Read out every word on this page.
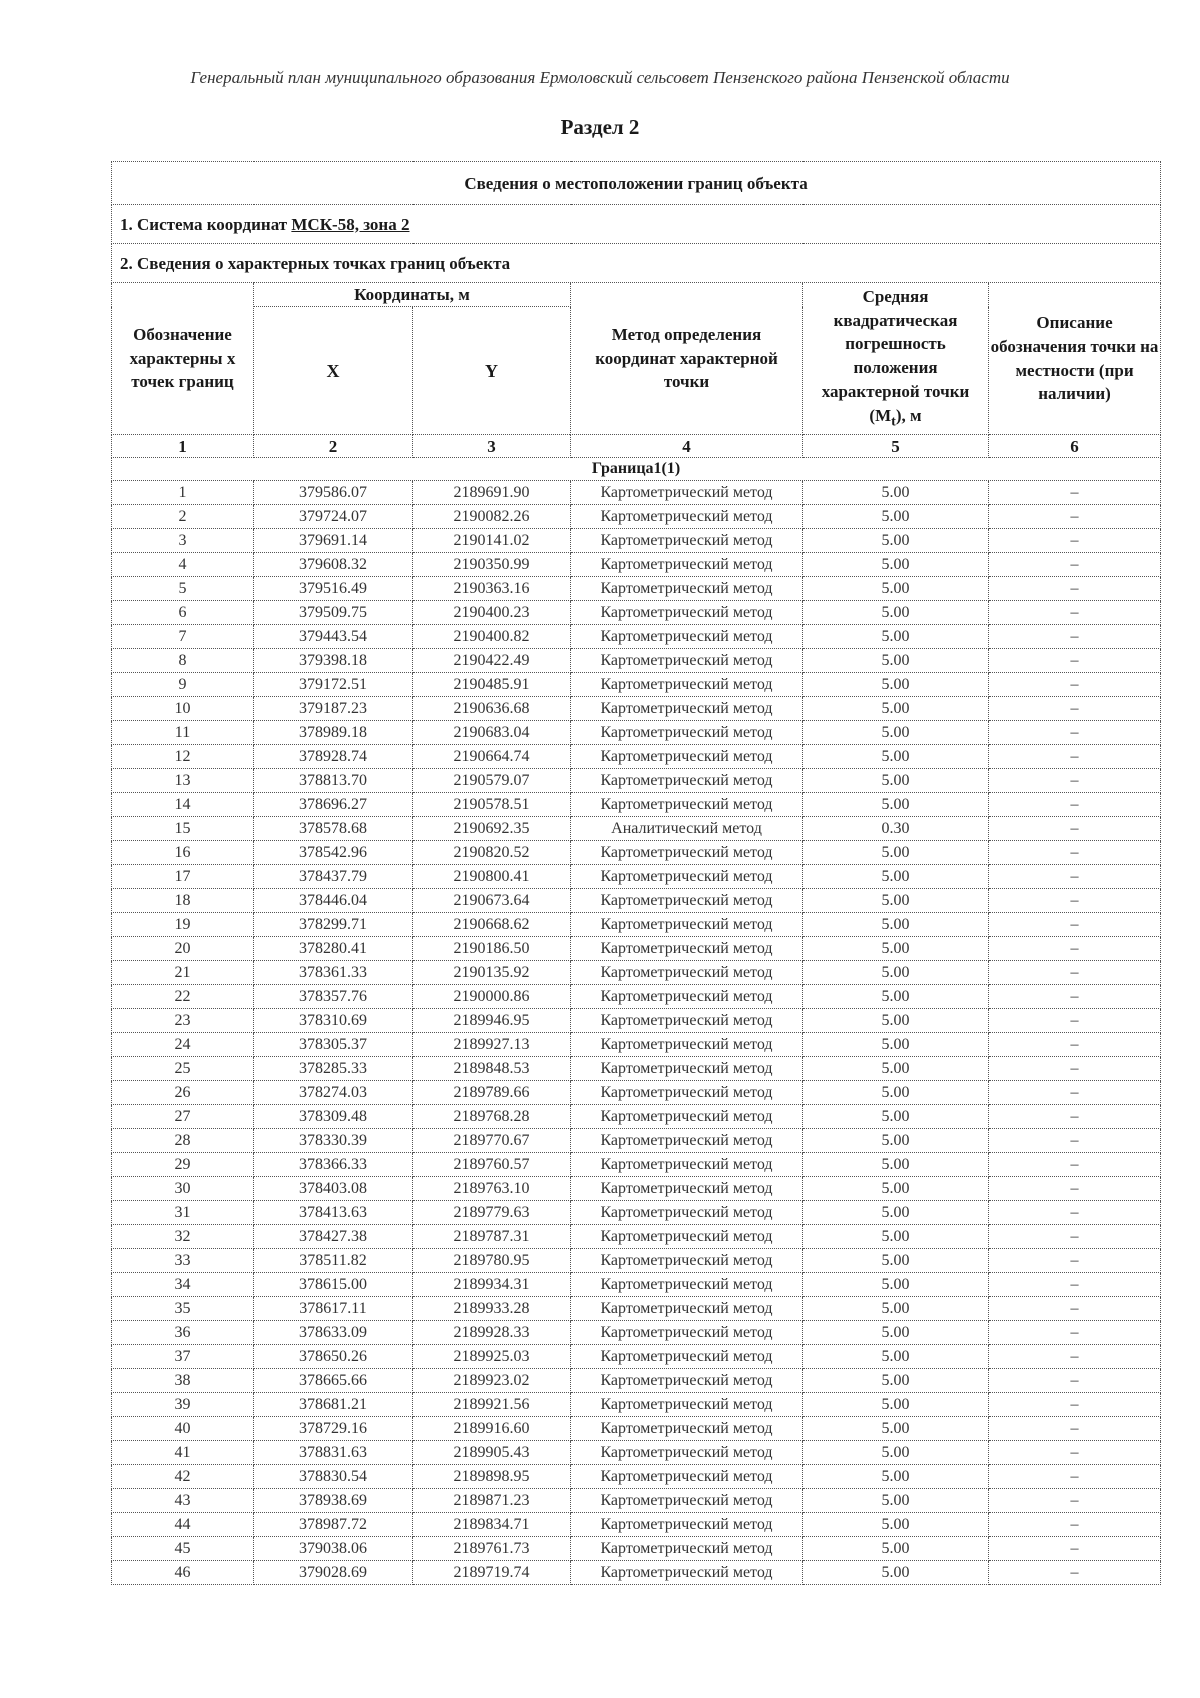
Генеральный план муниципального образования Ермоловский сельсовет Пензенского района Пензенской области
Раздел 2
Сведения о местоположении границ объекта					
1. Система координат МСК-58, зона 2					
2. Сведения о характерных точках границ объекта					
Обозначение характерны х точек границ	Координаты, м		Метод определения координат характерной точки	Средняя квадратическая погрешность положения характерной точки $(М_t)$, м	Описание обозначения точки на местности (при наличии)
	X	Y			
1	2	3	4	5	6
Граница1(1)					
1	379586.07	2189691.90	Картометрический метод	5.00	–
2	379724.07	2190082.26	Картометрический метод	5.00	–
3	379691.14	2190141.02	Картометрический метод	5.00	–
4	379608.32	2190350.99	Картометрический метод	5.00	–
5	379516.49	2190363.16	Картометрический метод	5.00	–
6	379509.75	2190400.23	Картометрический метод	5.00	–
7	379443.54	2190400.82	Картометрический метод	5.00	–
8	379398.18	2190422.49	Картометрический метод	5.00	–
9	379172.51	2190485.91	Картометрический метод	5.00	–
10	379187.23	2190636.68	Картометрический метод	5.00	–
11	378989.18	2190683.04	Картометрический метод	5.00	–
12	378928.74	2190664.74	Картометрический метод	5.00	–
13	378813.70	2190579.07	Картометрический метод	5.00	–
14	378696.27	2190578.51	Картометрический метод	5.00	–
15	378578.68	2190692.35	Аналитический метод	0.30	–
16	378542.96	2190820.52	Картометрический метод	5.00	–
17	378437.79	2190800.41	Картометрический метод	5.00	–
18	378446.04	2190673.64	Картометрический метод	5.00	–
19	378299.71	2190668.62	Картометрический метод	5.00	–
20	378280.41	2190186.50	Картометрический метод	5.00	–
21	378361.33	2190135.92	Картометрический метод	5.00	–
22	378357.76	2190000.86	Картометрический метод	5.00	–
23	378310.69	2189946.95	Картометрический метод	5.00	–
24	378305.37	2189927.13	Картометрический метод	5.00	–
25	378285.33	2189848.53	Картометрический метод	5.00	–
26	378274.03	2189789.66	Картометрический метод	5.00	–
27	378309.48	2189768.28	Картометрический метод	5.00	–
28	378330.39	2189770.67	Картометрический метод	5.00	–
29	378366.33	2189760.57	Картометрический метод	5.00	–
30	378403.08	2189763.10	Картометрический метод	5.00	–
31	378413.63	2189779.63	Картометрический метод	5.00	–
32	378427.38	2189787.31	Картометрический метод	5.00	–
33	378511.82	2189780.95	Картометрический метод	5.00	–
34	378615.00	2189934.31	Картометрический метод	5.00	–
35	378617.11	2189933.28	Картометрический метод	5.00	–
36	378633.09	2189928.33	Картометрический метод	5.00	–
37	378650.26	2189925.03	Картометрический метод	5.00	–
38	378665.66	2189923.02	Картометрический метод	5.00	–
39	378681.21	2189921.56	Картометрический метод	5.00	–
40	378729.16	2189916.60	Картометрический метод	5.00	–
41	378831.63	2189905.43	Картометрический метод	5.00	–
42	378830.54	2189898.95	Картометрический метод	5.00	–
43	378938.69	2189871.23	Картометрический метод	5.00	–
44	378987.72	2189834.71	Картометрический метод	5.00	–
45	379038.06	2189761.73	Картометрический метод	5.00	–
46	379028.69	2189719.74	Картометрический метод	5.00	–
